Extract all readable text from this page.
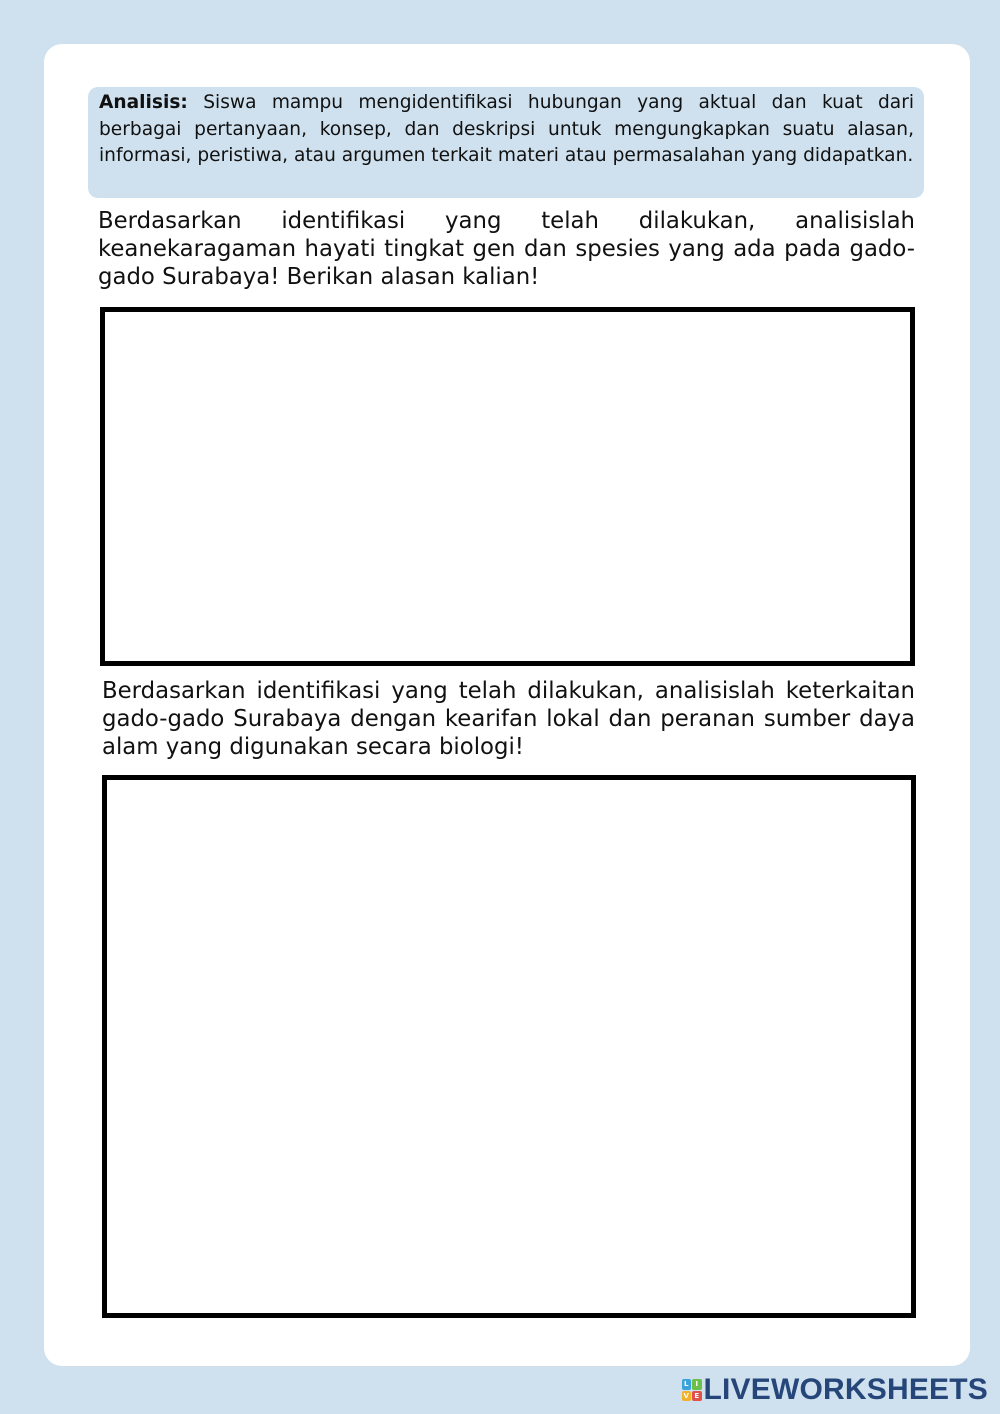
Analisis: Siswa mampu mengidentifikasi hubungan yang aktual dan kuat dari berbagai pertanyaan, konsep, dan deskripsi untuk mengungkapkan suatu alasan, informasi, peristiwa, atau argumen terkait materi atau permasalahan yang didapatkan.

Berdasarkan identifikasi yang telah dilakukan, analisislah keanekaragaman hayati tingkat gen dan spesies yang ada pada gado-gado Surabaya! Berikan alasan kalian!

Berdasarkan identifikasi yang telah dilakukan, analisislah keterkaitan gado-gado Surabaya dengan kearifan lokal dan peranan sumber daya alam yang digunakan secara biologi!

L I
V E LIVEWORKSHEETS
